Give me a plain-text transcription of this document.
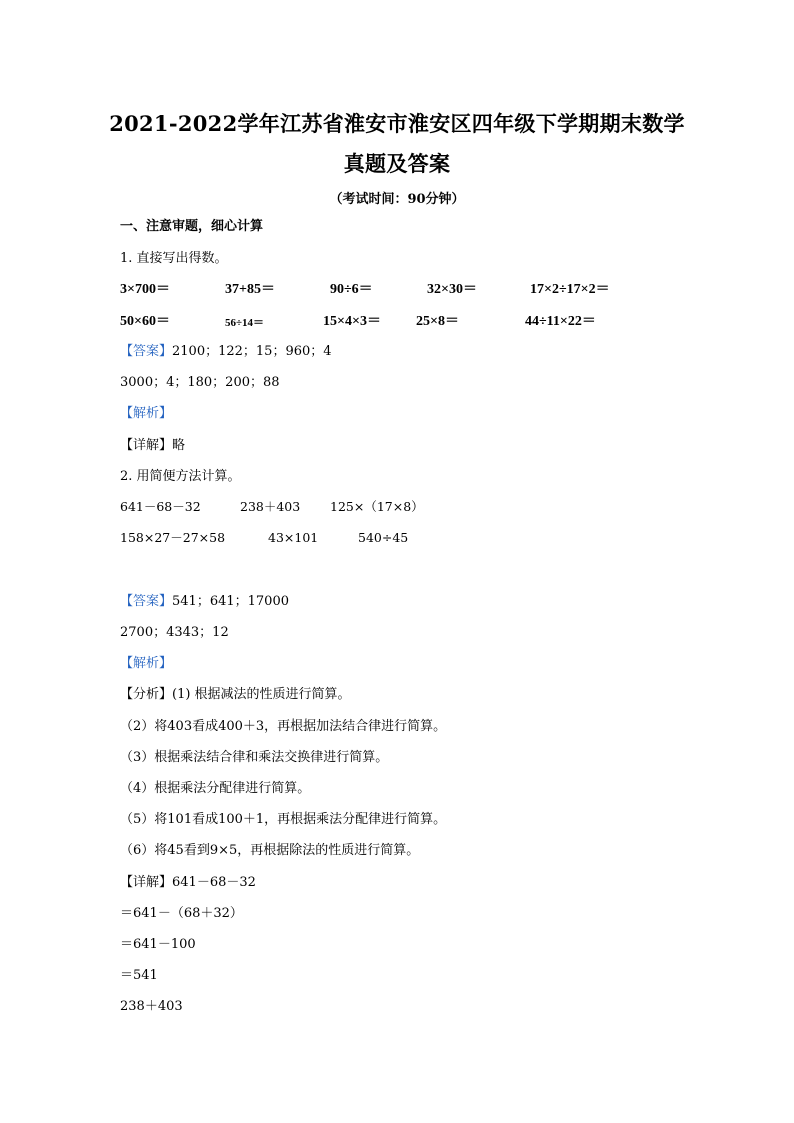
2021-2022学年江苏省淮安市淮安区四年级下学期期末数学
真题及答案
（考试时间：90分钟）
一、注意审题，细心计算
1. 直接写出得数。
3×700＝	37+85＝	90÷6＝	32×30＝	17×2÷17×2＝
50×60＝	56÷14＝	15×4×3＝	25×8＝	44÷11×22＝
【答案】2100；122；15；960；4
3000；4；180；200；88
【解析】
【详解】略
2. 用简便方法计算。
641－68－32	238＋403 125×（17×8）
158×27－27×58	43×101	540÷45
【答案】541；641；17000
2700；4343；12
【解析】
【分析】(1) 根据减法的性质进行简算。
（2）将403看成400＋3，再根据加法结合律进行简算。
（3）根据乘法结合律和乘法交换律进行简算。
（4）根据乘法分配律进行简算。
（5）将101看成100＋1，再根据乘法分配律进行简算。
（6）将45看到9×5，再根据除法的性质进行简算。
【详解】641－68－32
＝641－（68＋32）
＝641－100
＝541
238＋403
